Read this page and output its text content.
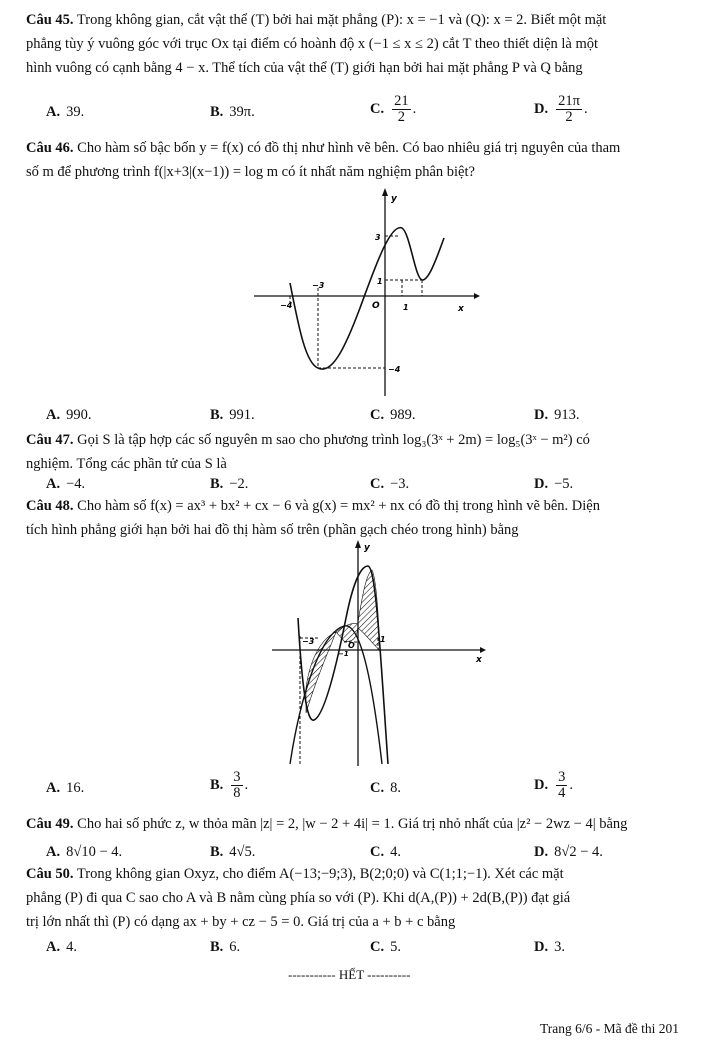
Câu 45. Trong không gian, cắt vật thể (T) bởi hai mặt phẳng (P): x = −1 và (Q): x = 2. Biết một mặt
phẳng tùy ý vuông góc với trục Ox tại điểm có hoành độ x (−1 ≤ x ≤ 2) cắt T theo thiết diện là một
hình vuông có cạnh bằng 4 − x. Thể tích của vật thể (T) giới hạn bởi hai mặt phẳng P và Q bằng
A. 39.	B. 39π.	C. $\frac{21}{2}$ .	D. $\frac{21\pi}{2}$ .
Câu 46. Cho hàm số bậc bốn y = f(x) có đồ thị như hình vẽ bên. Có bao nhiêu giá trị nguyên của tham
số m để phương trình f(|x+3|(x−1)) = log m có ít nhất năm nghiệm phân biệt?
y
x
O
−4
−3
1
3
1
−4
A. 990.	B. 991.	C. 989.	D. 913.
Câu 47. Gọi S là tập hợp các số nguyên m sao cho phương trình log₃(3ˣ + 2m) = log₅(3ˣ − m²) có
nghiệm. Tổng các phần tử của S là
A. −4.	B. −2.	C. −3.	D. −5.
Câu 48. Cho hàm số f(x) = ax³ + bx² + cx − 6 và g(x) = mx² + nx có đồ thị trong hình vẽ bên. Diện
tích hình phẳng giới hạn bởi hai đồ thị hàm số trên (phần gạch chéo trong hình) bằng
y
x
−3	1
O
−1
A. 16.	B. $\frac{3}{8}$ .	C. 8.	D. $\frac{3}{4}$ .
Câu 49. Cho hai số phức z, w thỏa mãn |z| = 2, |w − 2 + 4i| = 1. Giá trị nhỏ nhất của |z² − 2wz − 4| bằng
A. 8√10 − 4.	B. 4√5.	C. 4.	D. 8√2 − 4.
Câu 50. Trong không gian Oxyz, cho điểm A(−13;−9;3), B(2;0;0) và C(1;1;−1). Xét các mặt
phẳng (P) đi qua C sao cho A và B nằm cùng phía so với (P). Khi d(A,(P)) + 2d(B,(P)) đạt giá
trị lớn nhất thì (P) có dạng ax + by + cz − 5 = 0. Giá trị của a + b + c bằng
A. 4.	B. 6.	C. 5.	D. 3.
----------- HẾT ----------
Trang 6/6 - Mã đề thi 201
